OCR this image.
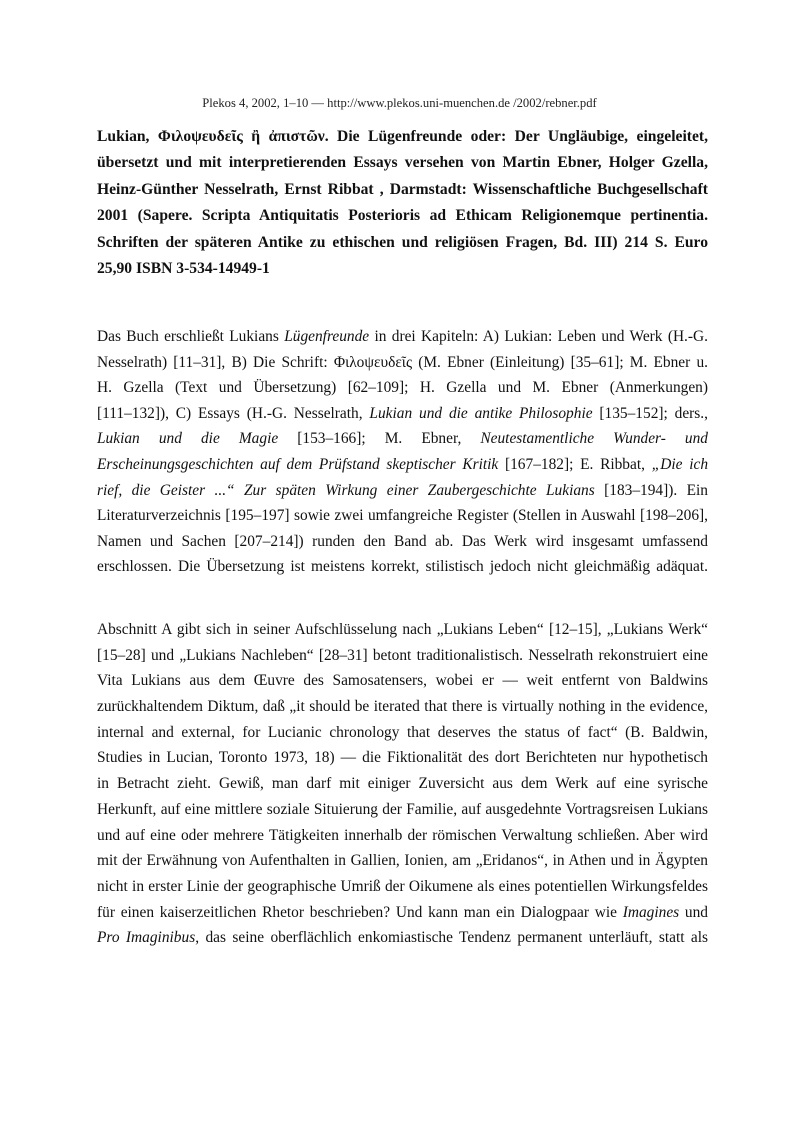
Plekos 4, 2002, 1–10 — http://www.plekos.uni-muenchen.de /2002/rebner.pdf
Lukian, Φιλοψευδεῖς ἢ ἀπιστῶν. Die Lügenfreunde oder: Der Ungläubige, eingeleitet,
übersetzt und mit interpretierenden Essays versehen von Martin Ebner, Holger Gzella,
Heinz-Günther Nesselrath, Ernst Ribbat , Darmstadt: Wissenschaftliche Buchgesellschaft
2001 (Sapere. Scripta Antiquitatis Posterioris ad Ethicam Religionemque pertinentia.
Schriften der späteren Antike zu ethischen und religiösen Fragen, Bd. III) 214 S. Euro
25,90 ISBN 3-534-14949-1
Das Buch erschließt Lukians Lügenfreunde in drei Kapiteln: A) Lukian: Leben und Werk (H.-G.
Nesselrath) [11–31], B) Die Schrift: Φιλοψευδεῖς (M. Ebner (Einleitung) [35–61]; M. Ebner u.
H. Gzella (Text und Übersetzung) [62–109]; H. Gzella und M. Ebner (Anmerkungen)
[111–132]), C) Essays (H.-G. Nesselrath, Lukian und die antike Philosophie [135–152]; ders.,
Lukian und die Magie [153–166]; M. Ebner, Neutestamentliche Wunder- und
Erscheinungsgeschichten auf dem Prüfstand skeptischer Kritik [167–182]; E. Ribbat, „Die ich
rief, die Geister ...“ Zur späten Wirkung einer Zaubergeschichte Lukians [183–194]). Ein
Literaturverzeichnis [195–197] sowie zwei umfangreiche Register (Stellen in Auswahl [198–206],
Namen und Sachen [207–214]) runden den Band ab. Das Werk wird insgesamt umfassend
erschlossen. Die Übersetzung ist meistens korrekt, stilistisch jedoch nicht gleichmäßig adäquat.
Abschnitt A gibt sich in seiner Aufschlüsselung nach „Lukians Leben“ [12–15], „Lukians Werk“
[15–28] und „Lukians Nachleben“ [28–31] betont traditionalistisch. Nesselrath rekonstruiert eine
Vita Lukians aus dem Œuvre des Samosatensers, wobei er — weit entfernt von Baldwins
zurückhaltendem Diktum, daß „it should be iterated that there is virtually nothing in the evidence,
internal and external, for Lucianic chronology that deserves the status of fact“ (B. Baldwin,
Studies in Lucian, Toronto 1973, 18) — die Fiktionalität des dort Berichteten nur hypothetisch
in Betracht zieht. Gewiß, man darf mit einiger Zuversicht aus dem Werk auf eine syrische
Herkunft, auf eine mittlere soziale Situierung der Familie, auf ausgedehnte Vortragsreisen Lukians
und auf eine oder mehrere Tätigkeiten innerhalb der römischen Verwaltung schließen. Aber wird
mit der Erwähnung von Aufenthalten in Gallien, Ionien, am „Eridanos“, in Athen und in Ägypten
nicht in erster Linie der geographische Umriß der Oikumene als eines potentiellen Wirkungsfeldes
für einen kaiserzeitlichen Rhetor beschrieben? Und kann man ein Dialogpaar wie Imagines und
Pro Imaginibus, das seine oberflächlich enkomiastische Tendenz permanent unterläuft, statt als
